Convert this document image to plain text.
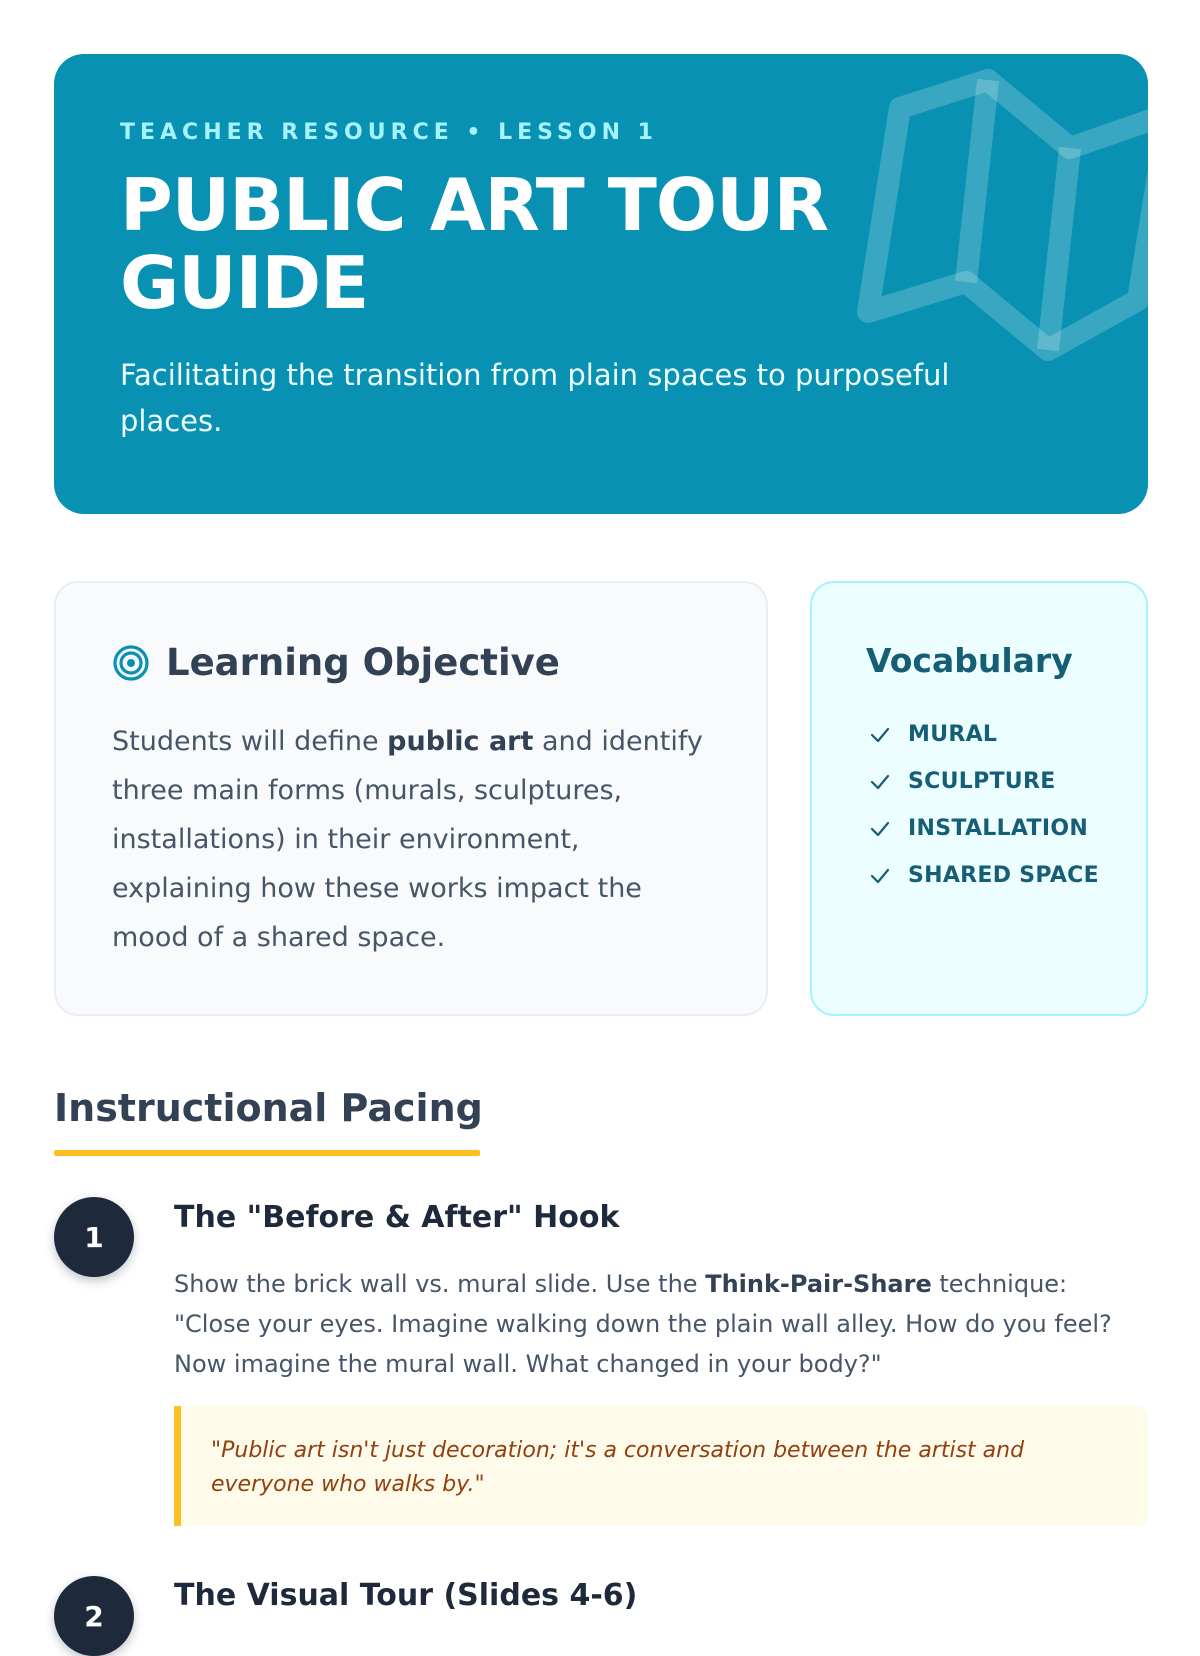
TEACHER RESOURCE • LESSON 1
PUBLIC ART TOUR GUIDE

Facilitating the transition from plain spaces to purposeful places.

Learning Objective

Students will define public art and identify three main forms (murals, sculptures, installations) in their environment, explaining how these works impact the mood of a shared space.

Vocabulary
MURAL
SCULPTURE
INSTALLATION
SHARED SPACE
Instructional Pacing
1
The "Before & After" Hook

Show the brick wall vs. mural slide. Use the Think-Pair-Share technique: "Close your eyes. Imagine walking down the plain wall alley. How do you feel? Now imagine the mural wall. What changed in your body?"

"Public art isn't just decoration; it's a conversation between the artist and everyone who walks by."
2
The Visual Tour (Slides 4-6)
